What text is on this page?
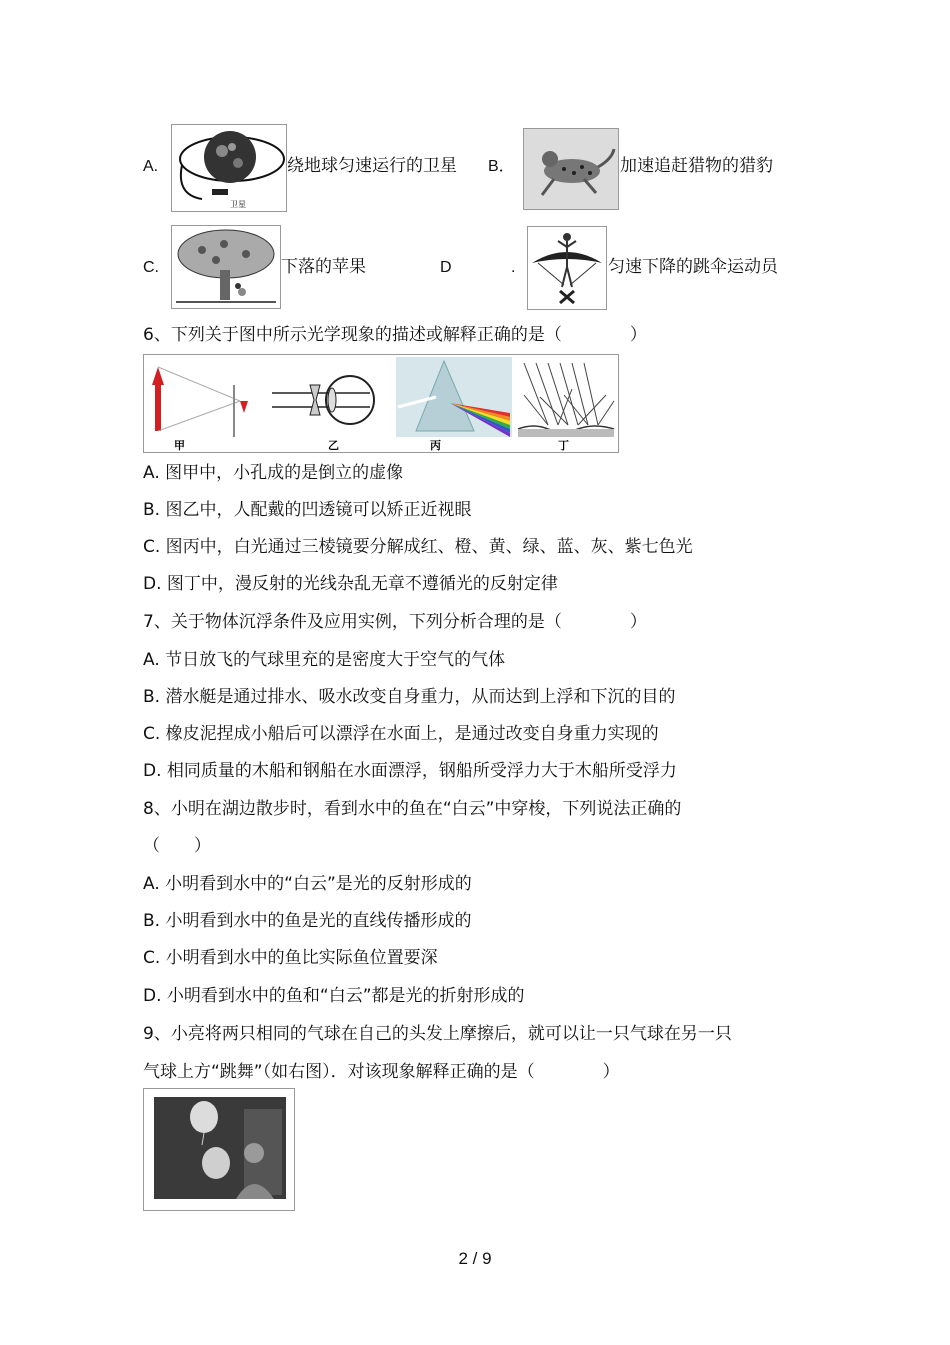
A.
卫星
绕地球匀速运行的卫星 B．	加速追赶猎物的猎豹
C.	下落的苹果	D	.	匀速下降的跳伞运动员
6、下列关于图中所示光学现象的描述或解释正确的是（　　　　）
甲	乙	丙	丁
A. 图甲中，小孔成的是倒立的虚像
B. 图乙中，人配戴的凹透镜可以矫正近视眼
C. 图丙中，白光通过三棱镜要分解成红、橙、黄、绿、蓝、灰、紫七色光
D. 图丁中，漫反射的光线杂乱无章不遵循光的反射定律
7、关于物体沉浮条件及应用实例，下列分析合理的是（　　　　）
A. 节日放飞的气球里充的是密度大于空气的气体
B. 潜水艇是通过排水、吸水改变自身重力，从而达到上浮和下沉的目的
C. 橡皮泥捏成小船后可以漂浮在水面上，是通过改变自身重力实现的
D. 相同质量的木船和钢船在水面漂浮，钢船所受浮力大于木船所受浮力
8、小明在湖边散步时，看到水中的鱼在“白云”中穿梭，下列说法正确的
（　　）
A. 小明看到水中的“白云”是光的反射形成的
B. 小明看到水中的鱼是光的直线传播形成的
C. 小明看到水中的鱼比实际鱼位置要深
D. 小明看到水中的鱼和“白云”都是光的折射形成的
9、小亮将两只相同的气球在自己的头发上摩擦后，就可以让一只气球在另一只
气球上方“跳舞”（如右图）．对该现象解释正确的是（　　　　）
2 / 9
